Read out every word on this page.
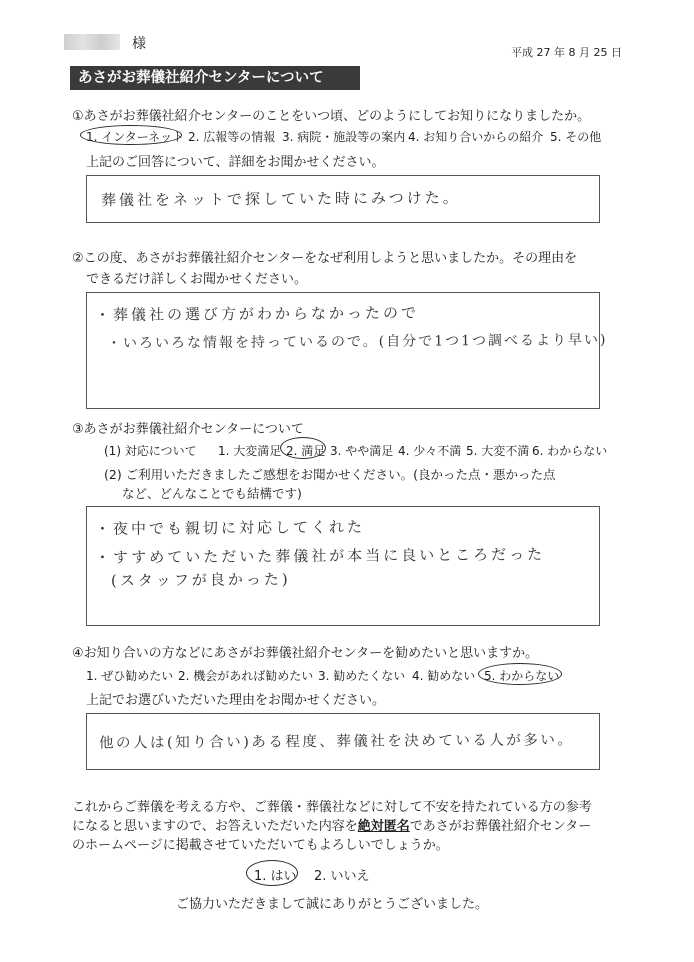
様
平成 27 年 8 月 25 日
あさがお葬儀社紹介センターについて
①あさがお葬儀社紹介センターのことをいつ頃、どのようにしてお知りになりましたか。
1. インターネット 2. 広報等の情報 3. 病院・施設等の案内 4. お知り合いからの紹介 5. その他
上記のご回答について、詳細をお聞かせください。
葬儀社をネットで探していた時にみつけた。
②この度、あさがお葬儀社紹介センターをなぜ利用しようと思いましたか。その理由を
できるだけ詳しくお聞かせください。
・葬儀社の選び方がわからなかったので
・いろいろな情報を持っているので。(自分で1つ1つ調べるより早い)
③あさがお葬儀社紹介センターについて
(1) 対応について 1. 大変満足 2. 満足 3. やや満足 4. 少々不満 5. 大変不満 6. わからない
(2) ご利用いただきましたご感想をお聞かせください。(良かった点・悪かった点
など、どんなことでも結構です)
・夜中でも親切に対応してくれた
・すすめていただいた葬儀社が本当に良いところだった
(スタッフが良かった)
④お知り合いの方などにあさがお葬儀社紹介センターを勧めたいと思いますか。
1. ぜひ勧めたい 2. 機会があれば勧めたい 3. 勧めたくない 4. 勧めない 5. わからない
上記でお選びいただいた理由をお聞かせください。
他の人は(知り合い)ある程度、葬儀社を決めている人が多い。
これからご葬儀を考える方や、ご葬儀・葬儀社などに対して不安を持たれている方の参考
になると思いますので、お答えいただいた内容を絶対匿名であさがお葬儀社紹介センター
のホームページに掲載させていただいてもよろしいでしょうか。
1. はい 2. いいえ
ご協力いただきまして誠にありがとうございました。
